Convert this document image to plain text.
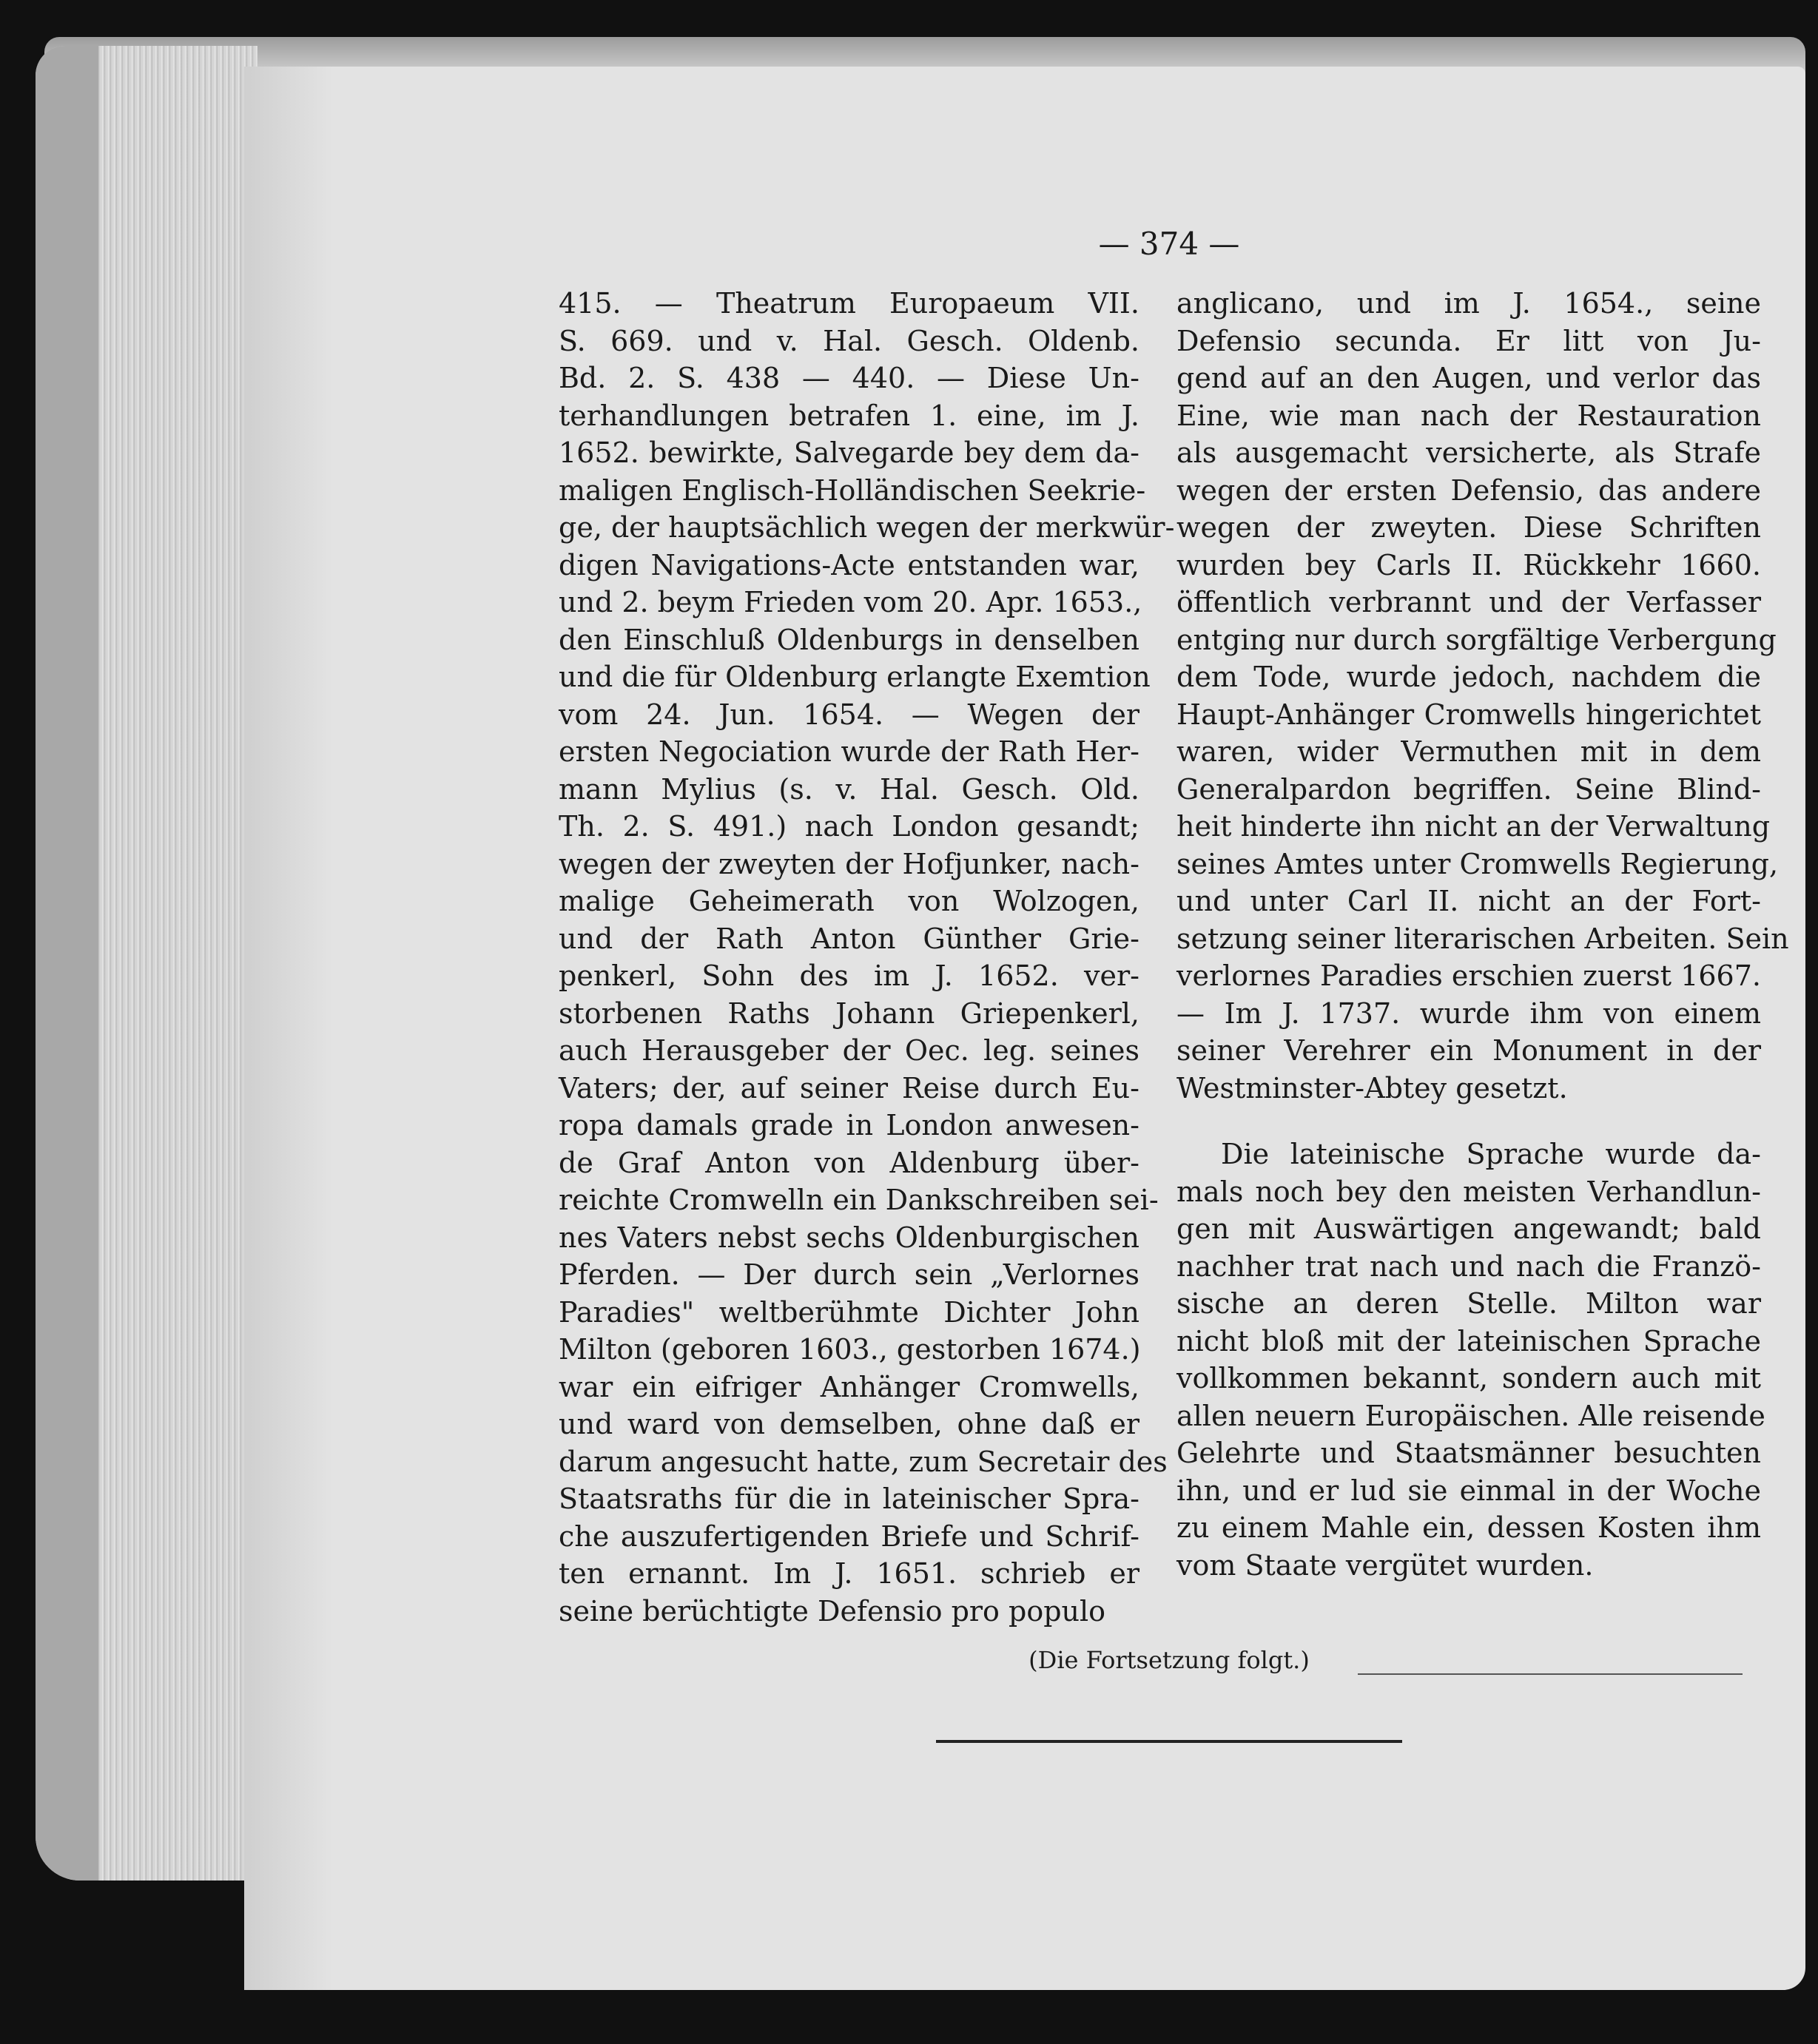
— 374 —
415. — Theatrum Europaeum VII.
S. 669. und v. Hal. Gesch. Oldenb.
Bd. 2. S. 438 — 440. — Diese Un-
terhandlungen betrafen 1. eine, im J.
1652. bewirkte, Salvegarde bey dem da-
maligen Englisch-Holländischen Seekrie-
ge, der hauptsächlich wegen der merkwür-
digen Navigations-Acte entstanden war,
und 2. beym Frieden vom 20. Apr. 1653.,
den Einschluß Oldenburgs in denselben
und die für Oldenburg erlangte Exemtion
vom 24. Jun. 1654. — Wegen der
ersten Negociation wurde der Rath Her-
mann Mylius (s. v. Hal. Gesch. Old.
Th. 2. S. 491.) nach London gesandt;
wegen der zweyten der Hofjunker, nach-
malige Geheimerath von Wolzogen,
und der Rath Anton Günther Grie-
penkerl, Sohn des im J. 1652. ver-
storbenen Raths Johann Griepenkerl,
auch Herausgeber der Oec. leg. seines
Vaters; der, auf seiner Reise durch Eu-
ropa damals grade in London anwesen-
de Graf Anton von Aldenburg über-
reichte Cromwelln ein Dankschreiben sei-
nes Vaters nebst sechs Oldenburgischen
Pferden. — Der durch sein „Verlornes
Paradies" weltberühmte Dichter John
Milton (geboren 1603., gestorben 1674.)
war ein eifriger Anhänger Cromwells,
und ward von demselben, ohne daß er
darum angesucht hatte, zum Secretair des
Staatsraths für die in lateinischer Spra-
che auszufertigenden Briefe und Schrif-
ten ernannt. Im J. 1651. schrieb er
seine berüchtigte Defensio pro populo
anglicano, und im J. 1654., seine
Defensio secunda. Er litt von Ju-
gend auf an den Augen, und verlor das
Eine, wie man nach der Restauration
als ausgemacht versicherte, als Strafe
wegen der ersten Defensio, das andere
wegen der zweyten. Diese Schriften
wurden bey Carls II. Rückkehr 1660.
öffentlich verbrannt und der Verfasser
entging nur durch sorgfältige Verbergung
dem Tode, wurde jedoch, nachdem die
Haupt-Anhänger Cromwells hingerichtet
waren, wider Vermuthen mit in dem
Generalpardon begriffen. Seine Blind-
heit hinderte ihn nicht an der Verwaltung
seines Amtes unter Cromwells Regierung,
und unter Carl II. nicht an der Fort-
setzung seiner literarischen Arbeiten. Sein
verlornes Paradies erschien zuerst 1667.
— Im J. 1737. wurde ihm von einem
seiner Verehrer ein Monument in der
Westminster-Abtey gesetzt.
Die lateinische Sprache wurde da-
mals noch bey den meisten Verhandlun-
gen mit Auswärtigen angewandt; bald
nachher trat nach und nach die Franzö-
sische an deren Stelle. Milton war
nicht bloß mit der lateinischen Sprache
vollkommen bekannt, sondern auch mit
allen neuern Europäischen. Alle reisende
Gelehrte und Staatsmänner besuchten
ihn, und er lud sie einmal in der Woche
zu einem Mahle ein, dessen Kosten ihm
vom Staate vergütet wurden.
(Die Fortsetzung folgt.)
